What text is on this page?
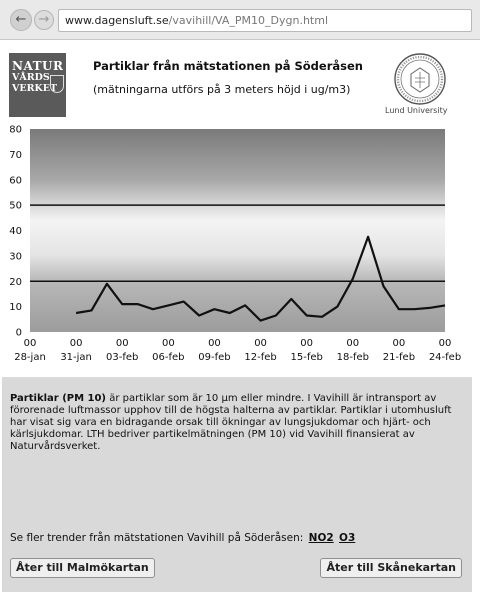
← →	www.dagensluft.se/vavihill/VA_PM10_Dygn.html
NATUR
VÅRDS
VERKET
Partiklar från mätstationen på Söderåsen
(mätningarna utförs på 3 meters höjd i ug/m3)
Lund University
0
10
20
30
40
50
60
70
80
00
28-jan
00
31-jan
00
03-feb
00
06-feb
00
09-feb
00
12-feb
00
15-feb
00
18-feb
00
21-feb
00
24-feb
Partiklar (PM 10) är partiklar som är 10 µm eller mindre. I Vavihill är intransport av förorenade luftmassor upphov till de högsta halterna av partiklar. Partiklar i utomhusluft har visat sig vara en bidragande orsak till ökningar av lungsjukdomar och hjärt- och kärlsjukdomar. LTH bedriver partikelmätningen (PM 10) vid Vavihill finansierat av Naturvårdsverket.
Se fler trender från mätstationen Vavihill på Söderåsen: NO2 O3
Åter till Malmökartan	Åter till Skånekartan
